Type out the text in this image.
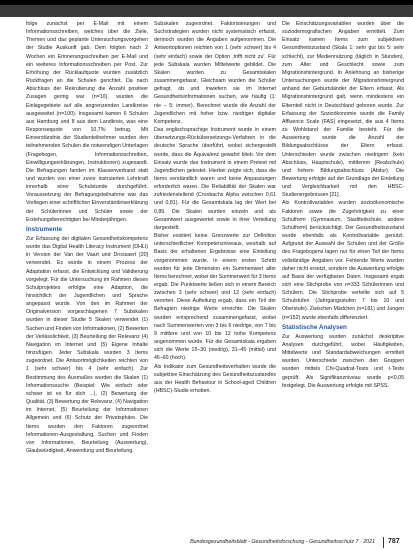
folge zunächst per E-Mail mit einem Informationsschreiben, welches über die Ziele, Themen und das geplante Untersuchungsvorgehen der Studie Auskunft gab. Dem folgten nach 2 Wochen ein Erinnerungsschreiben per E-Mail und ein weiteres Informationsschreiben per Post. Zur Erhöhung der Rücklaufquote wurden zusätzlich Rückfragen an die Schulen gerichtet. Da nach Abschluss der Rekrutierung die Anzahl positiver Zusagen gering war (n=10), wurden die Einlagegebiete auf alle angrenzenden Landkreise ausgeweitet (n=100). Insgesamt kamen 6 Schulen aus Hamburg und 8 aus dem Landkreis, was eine Responsequote von 10,7% betrug. Mit Einverständnis der Studienteilnehmer wurden den teilnehmenden Schulen die notwendigen Unterlagen (Fragebogen, Informationsschreiben, Einwilligungserklärungen, Instruktionen) zugesandt. Die Befragungen fanden im Klassenverband statt und wurden von einer zuvor instruierten Lehrkraft innerhalb einer Schulstunde durchgeführt. Voraussetzung der Befragungsteilnahme war das Vorliegen einer schriftlichen Einverständniserklärung der Schülerinnen und Schüler sowie der Erziehungsberechtigten bei Minderjährigen.

Instrumente

Zur Erfassung der digitalen Gesundheitskompetenz wurde das Digital Health Literacy Instrument (DHLI) in Version der Van der Vaart und Drossaert [20] verwendet. Es wurde in einem Prozess der Adaptation erfasst, die Entwicklung und Validierung vorgelegt. Für die Untersuchung im Rahmen dieses Schulprojektes erfolgte eine Adaption, die hinsichtlich der Jugendlichen und Sprache angepasst wurde. Von den im Rahmen der Originalversion vorgeschlagenen 7 Subskalen wurden in dieser Studie 5 Skalen verwendet (1) Suchen und Finden von Informationen, (2) Bewerten der Verlässlichkeit, (3) Beurteilung der Relevanz (4) Navigation im Internet und (5) Eigene Inhalte hinzufügen. Jeder Subskala wurden 3 Items zugeordnet. Die Antwortmöglichkeiten reichten von 1 (sehr schwer) bis 4 (sehr einfach). Zur Bestimmung des Ausmaßes wurden die Skalen (1) Informationssuche (Beispiel: Wie einfach oder schwer ist es für dich ...), (2) Bewertung der Qualität, (3) Bewertung der Relevanz, (4) Navigation im Internet, (5) Beurteilung der Informationen Allgemein und (6) Schutz der Privatsphäre. Die Items wurden den Faktoren zugeordnet Informationen-Ausgestaltung, Suchen und Finden von Informationen, Beurteilung (Auswertung), Glaubwürdigkeit, Anwendung und Beurteilung.

Subskalen zugeordnet. Faktorisierungen und Suchstrategien wurden nicht systematisch erfasst, dennoch wurden die Angaben aufgenommen. Die Antwortoptionen reichten von 1 (sehr schwer) bis 4 (sehr einfach) sowie der Option ‚trifft nicht zu'. Für jede Subskala wurden Mittelwerte gebildet. Die Skalen wurden zu Gesamtskalen zusammengefasst. Gleichsam wurden die Schüler gefragt, ob und inwiefern sie im Internet Gesundheitsinformationen suchen, wie häufig (1: nie – 5: immer). Berechnet wurde die Anzahl der Jugendlichen mit hoher bzw. niedriger digitaler Kompetenz.

Das englischsprachige Instrument wurde in einem übersetzungs-Rückübersetzungs-Verfahren in die deutsche Sprache überführt, wobei sichergestellt wurde, dass die Äquivalenz gewahrt blieb. Vor dem Einsatz wurde das Instrument in einem Pretest mit Jugendlichen getestet. Hierbei zeigte sich, dass die Items verständlich waren und keine Anpassungen erforderlich waren. Die Reliabilität der Skalen war zufriedenstellend (Cronbachs Alpha zwischen 0,61 und 0,81). Für die Gesamtskala lag der Wert bei 0,89. Die Skalen wurden einzeln und als Gesamtwert ausgewertet sowie in ihrer Verteilung dargestellt.

Bisher existiert keine Grenzwerte zur Definition unterschiedlicher Kompetenzniveaus, weshalb auf Basis der erhaltenen Ergebnisse eine Einteilung vorgenommen wurde. In einem ersten Schritt wurden für jede Dimension ein Summenwert aller Items berechnet, wobei der Summenwert für 3 Items ergab. Die Punktwerte ließen sich in einem Bereich zwischen 3 (sehr schwer) und 12 (sehr einfach) verorten. Diese Aufteilung ergab, dass ein Teil der Befragten niedrige Werte erreichte. Die Skalen wurden entsprechend zusammengefasst, wobei nach Summenwerten von 3 bis 6 niedrige, von 7 bis 9 mittlere und von 10 bis 12 hohe Kompetenz angenommen wurde. Für die Gesamtskala ergaben sich die Werte 15–30 (niedrig), 31–45 (mittel) und 46–60 (hoch).

Als Indikator zum Gesundheitsverhalten wurde die subjektive Einschätzung des Gesundheitszustandes aus der Health Behaviour in School-aged Children (HBSC)-Studie erhoben.

Die Einschätzungsvariablen wurden über die soziodemografischen Angaben ermittelt. Zum Einsatz kamen Items zum subjektiven Gesundheitszustand (Skala 1: sehr gut bis 5: sehr schlecht), zur Mediennutzung (täglich in Stunden), zum Alter und Geschlecht sowie zum Migrationshintergrund. In Anlehnung an bisherige Untersuchungen wurde der Migrationshintergrund anhand der Geburtsländer der Eltern erfasst. Als Migrationshintergrund galt, wenn mindestens ein Elternteil nicht in Deutschland geboren wurde. Zur Erfassung der Sozioökonomie wurde die Family Affluence Scale (FAS) eingesetzt, die aus 4 Items zu Wohlstand der Familie besteht. Für die Auswertung wurde die Anzahl der Bildungsabschlüsse der Eltern erfasst. Unterschieden wurde zwischen niedrigem (kein Abschluss, Hauptschule), mittlerem (Realschule) und hohem Bildungsabschluss (Abitur). Die Bewertung erfolgte auf der Grundlage der Einteilung und Vergleichbarkeit mit den HBSC-Studienergebnissen [21].

Als Kontrollvariablen wurden sozioökonomische Faktoren sowie die Zugehörigkeit zu einer Schulform (Gymnasium, Stadtteilschule, andere Schulform) berücksichtigt. Der Gesundheitszustand wurde ebenfalls als Kontrollvariable genutzt. Aufgrund der Auswahl der Schulen und der Größe des Fragebogens lagen nur für einen Teil der Items vollständige Angaben vor. Fehlende Werte wurden daher nicht ersetzt, sondern die Auswertung erfolgte auf Basis der verfügbaren Daten. Insgesamt ergab sich eine Stichprobe von n=333 Schülerinnen und Schülern. Die Stichprobe verteilte sich auf 5 Schulstufen (Jahrgangsstufen 7 bis 10 und Oberstufe). Zwischen Mädchen (n=181) und Jungen (n=152) wurde ebenfalls differenziert.

Statistische Analysen

Zur Auswertung wurden zunächst deskriptive Analysen durchgeführt, wobei Häufigkeiten, Mittelwerte und Standardabweichungen ermittelt wurden. Unterschiede zwischen den Gruppen wurden mittels Chi-Quadrat-Tests und t-Tests geprüft. Als Signifikanzniveau wurde p<0,05 festgelegt. Die Auswertung erfolgte mit SPSS.

Bundesgesundheitsblatt - Gesundheitsforschung - Gesundheitsschutz 7 · 2021 787
